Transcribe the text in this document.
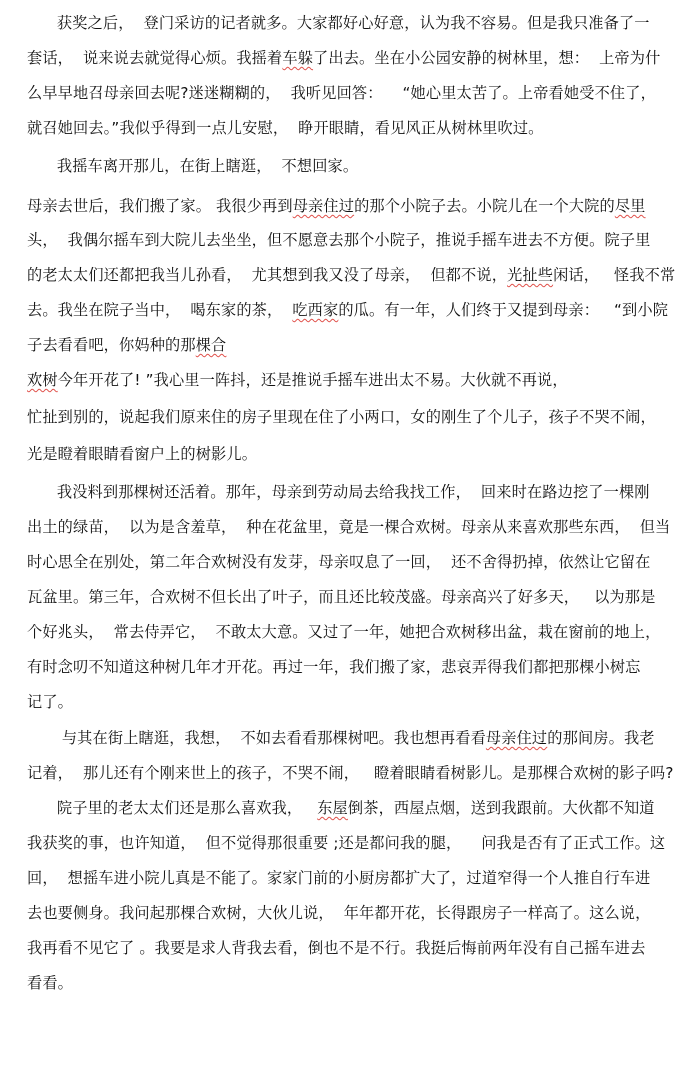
获奖之后，  登门采访的记者就多。大家都好心好意，认为我不容易。但是我只准备了一
套话，  说来说去就觉得心烦。我摇着车躲了出去。坐在小公园安静的树林里，想：  上帝为什
么早早地召母亲回去呢?迷迷糊糊的，  我听见回答：    “她心里太苦了。上帝看她受不住了，
就召她回去。”我似乎得到一点儿安慰，  睁开眼睛，看见风正从树林里吹过。
我摇车离开那儿，在街上瞎逛，  不想回家。
母亲去世后，我们搬了家。 我很少再到母亲住过的那个小院子去。小院儿在一个大院的尽里
头，  我偶尔摇车到大院儿去坐坐，但不愿意去那个小院子，推说手摇车进去不方便。院子里
的老太太们还都把我当儿孙看，  尤其想到我又没了母亲，  但都不说，光扯些闲话，   怪我不常
去。我坐在院子当中，  喝东家的茶，  吃西家的瓜。有一年，人们终于又提到母亲：   “到小院
子去看看吧，你妈种的那棵合
欢树今年开花了! ”我心里一阵抖，还是推说手摇车进出太不易。大伙就不再说，
忙扯到别的，说起我们原来住的房子里现在住了小两口，女的刚生了个儿子，孩子不哭不闹，
光是瞪着眼睛看窗户上的树影儿。
我没料到那棵树还活着。那年，母亲到劳动局去给我找工作，  回来时在路边挖了一棵刚
出土的绿苗，  以为是含羞草，  种在花盆里，竟是一棵合欢树。母亲从来喜欢那些东西，  但当
时心思全在别处，第二年合欢树没有发芽，母亲叹息了一回，  还不舍得扔掉，依然让它留在
瓦盆里。第三年，合欢树不但长出了叶子，而且还比较茂盛。母亲高兴了好多天，   以为那是
个好兆头，  常去侍弄它，  不敢太大意。又过了一年，她把合欢树移出盆，栽在窗前的地上，
有时念叨不知道这种树几年才开花。再过一年，我们搬了家，悲哀弄得我们都把那棵小树忘
记了。
与其在街上瞎逛，我想，  不如去看看那棵树吧。我也想再看看母亲住过的那间房。我老
记着，  那儿还有个刚来世上的孩子，不哭不闹，   瞪着眼睛看树影儿。是那棵合欢树的影子吗?
院子里的老太太们还是那么喜欢我，   东屋倒茶，西屋点烟，送到我跟前。大伙都不知道
我获奖的事，也许知道，  但不觉得那很重要 ;还是都问我的腿，    问我是否有了正式工作。这
回，  想摇车进小院儿真是不能了。家家门前的小厨房都扩大了，过道窄得一个人推自行车进
去也要侧身。我问起那棵合欢树，大伙儿说，  年年都开花，长得跟房子一样高了。这么说，
我再看不见它了 。我要是求人背我去看，倒也不是不行。我挺后悔前两年没有自己摇车进去
看看。
